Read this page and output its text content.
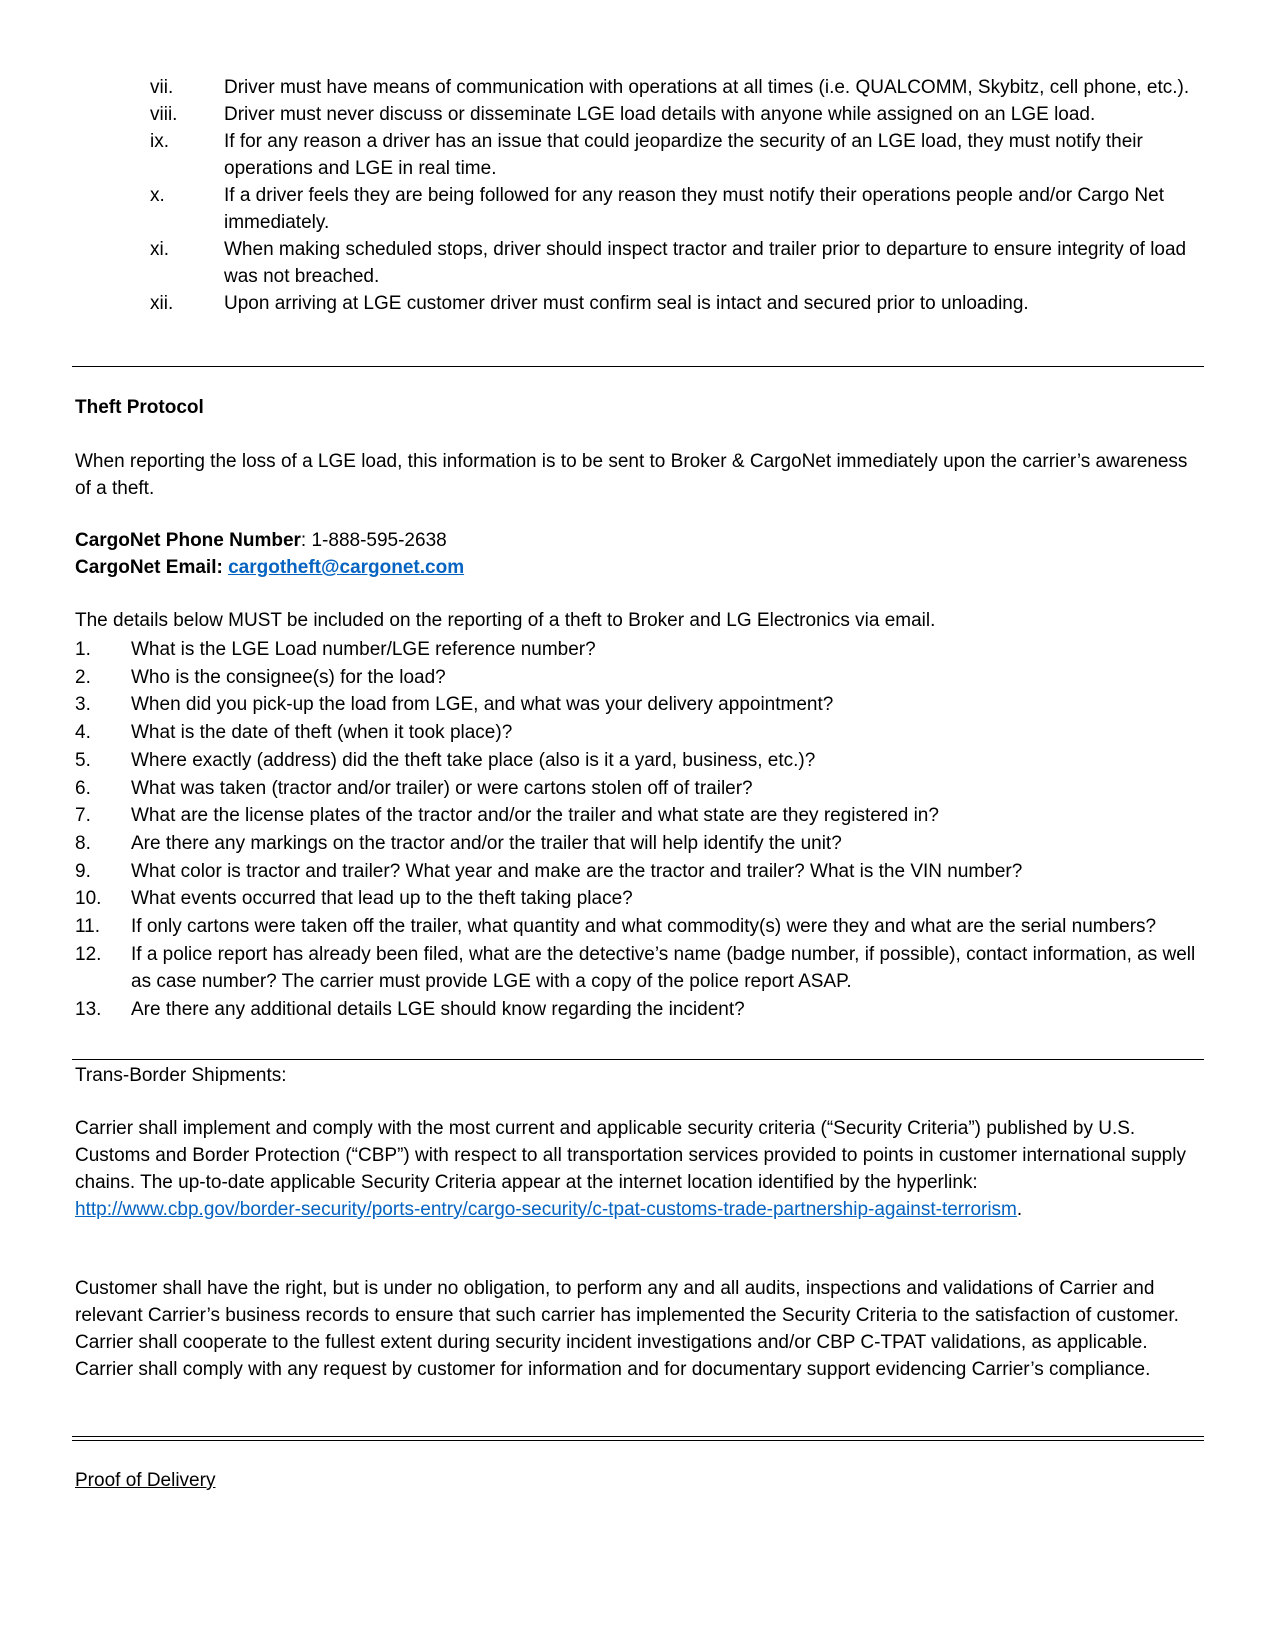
vii.	Driver must have means of communication with operations at all times (i.e. QUALCOMM, Skybitz, cell phone, etc.).
viii.	Driver must never discuss or disseminate LGE load details with anyone while assigned on an LGE load.
ix.	If for any reason a driver has an issue that could jeopardize the security of an LGE load, they must notify their operations and LGE in real time.
x.	If a driver feels they are being followed for any reason they must notify their operations people and/or Cargo Net immediately.
xi.	When making scheduled stops, driver should inspect tractor and trailer prior to departure to ensure integrity of load was not breached.
xii.	Upon arriving at LGE customer driver must confirm seal is intact and secured prior to unloading.
Theft Protocol
When reporting the loss of a LGE load, this information is to be sent to Broker & CargoNet immediately upon the carrier’s awareness of a theft.
CargoNet Phone Number: 1-888-595-2638
CargoNet Email: cargotheft@cargonet.com
The details below MUST be included on the reporting of a theft to Broker and LG Electronics via email.
1.	What is the LGE Load number/LGE reference number?
2.	Who is the consignee(s) for the load?
3.	When did you pick-up the load from LGE, and what was your delivery appointment?
4.	What is the date of theft (when it took place)?
5.	Where exactly (address) did the theft take place (also is it a yard, business, etc.)?
6.	What was taken (tractor and/or trailer) or were cartons stolen off of trailer?
7.	What are the license plates of the tractor and/or the trailer and what state are they registered in?
8.	Are there any markings on the tractor and/or the trailer that will help identify the unit?
9.	What color is tractor and trailer? What year and make are the tractor and trailer? What is the VIN number?
10.	What events occurred that lead up to the theft taking place?
11.	If only cartons were taken off the trailer, what quantity and what commodity(s) were they and what are the serial numbers?
12.	If a police report has already been filed, what are the detective’s name (badge number, if possible), contact information, as well as case number? The carrier must provide LGE with a copy of the police report ASAP.
13.	Are there any additional details LGE should know regarding the incident?
Trans-Border Shipments:
Carrier shall implement and comply with the most current and applicable security criteria (“Security Criteria”) published by U.S. Customs and Border Protection (“CBP”) with respect to all transportation services provided to points in customer international supply chains. The up-to-date applicable Security Criteria appear at the internet location identified by the hyperlink: http://www.cbp.gov/border-security/ports-entry/cargo-security/c-tpat-customs-trade-partnership-against-terrorism.
Customer shall have the right, but is under no obligation, to perform any and all audits, inspections and validations of Carrier and relevant Carrier’s business records to ensure that such carrier has implemented the Security Criteria to the satisfaction of customer. Carrier shall cooperate to the fullest extent during security incident investigations and/or CBP C-TPAT validations, as applicable. Carrier shall comply with any request by customer for information and for documentary support evidencing Carrier’s compliance.
Proof of Delivery
